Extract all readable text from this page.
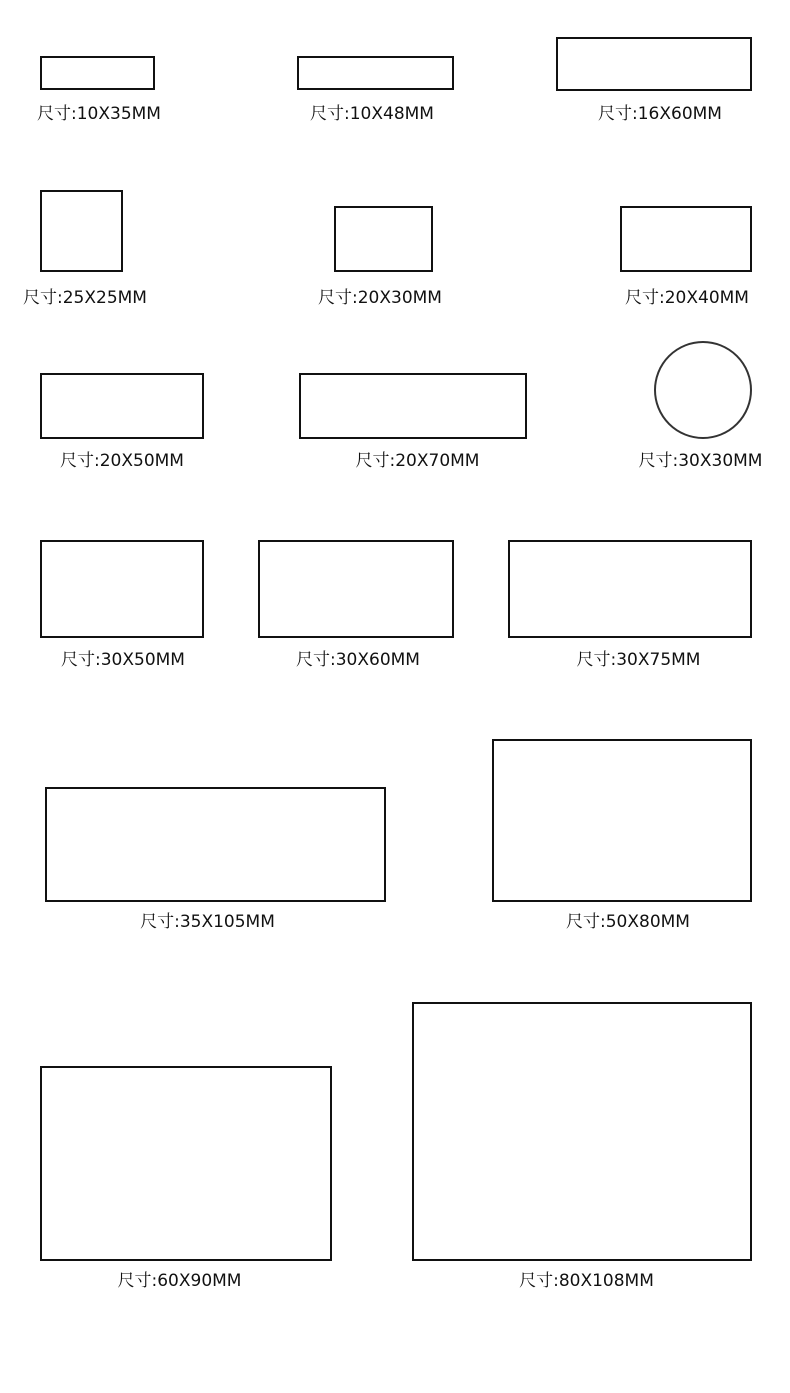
尺寸:10X35MM	尺寸:10X48MM	尺寸:16X60MM
尺寸:25X25MM	尺寸:20X30MM	尺寸:20X40MM
尺寸:20X50MM	尺寸:20X70MM	尺寸:30X30MM
尺寸:30X50MM	尺寸:30X60MM	尺寸:30X75MM
尺寸:35X105MM	尺寸:50X80MM
尺寸:60X90MM	尺寸:80X108MM
